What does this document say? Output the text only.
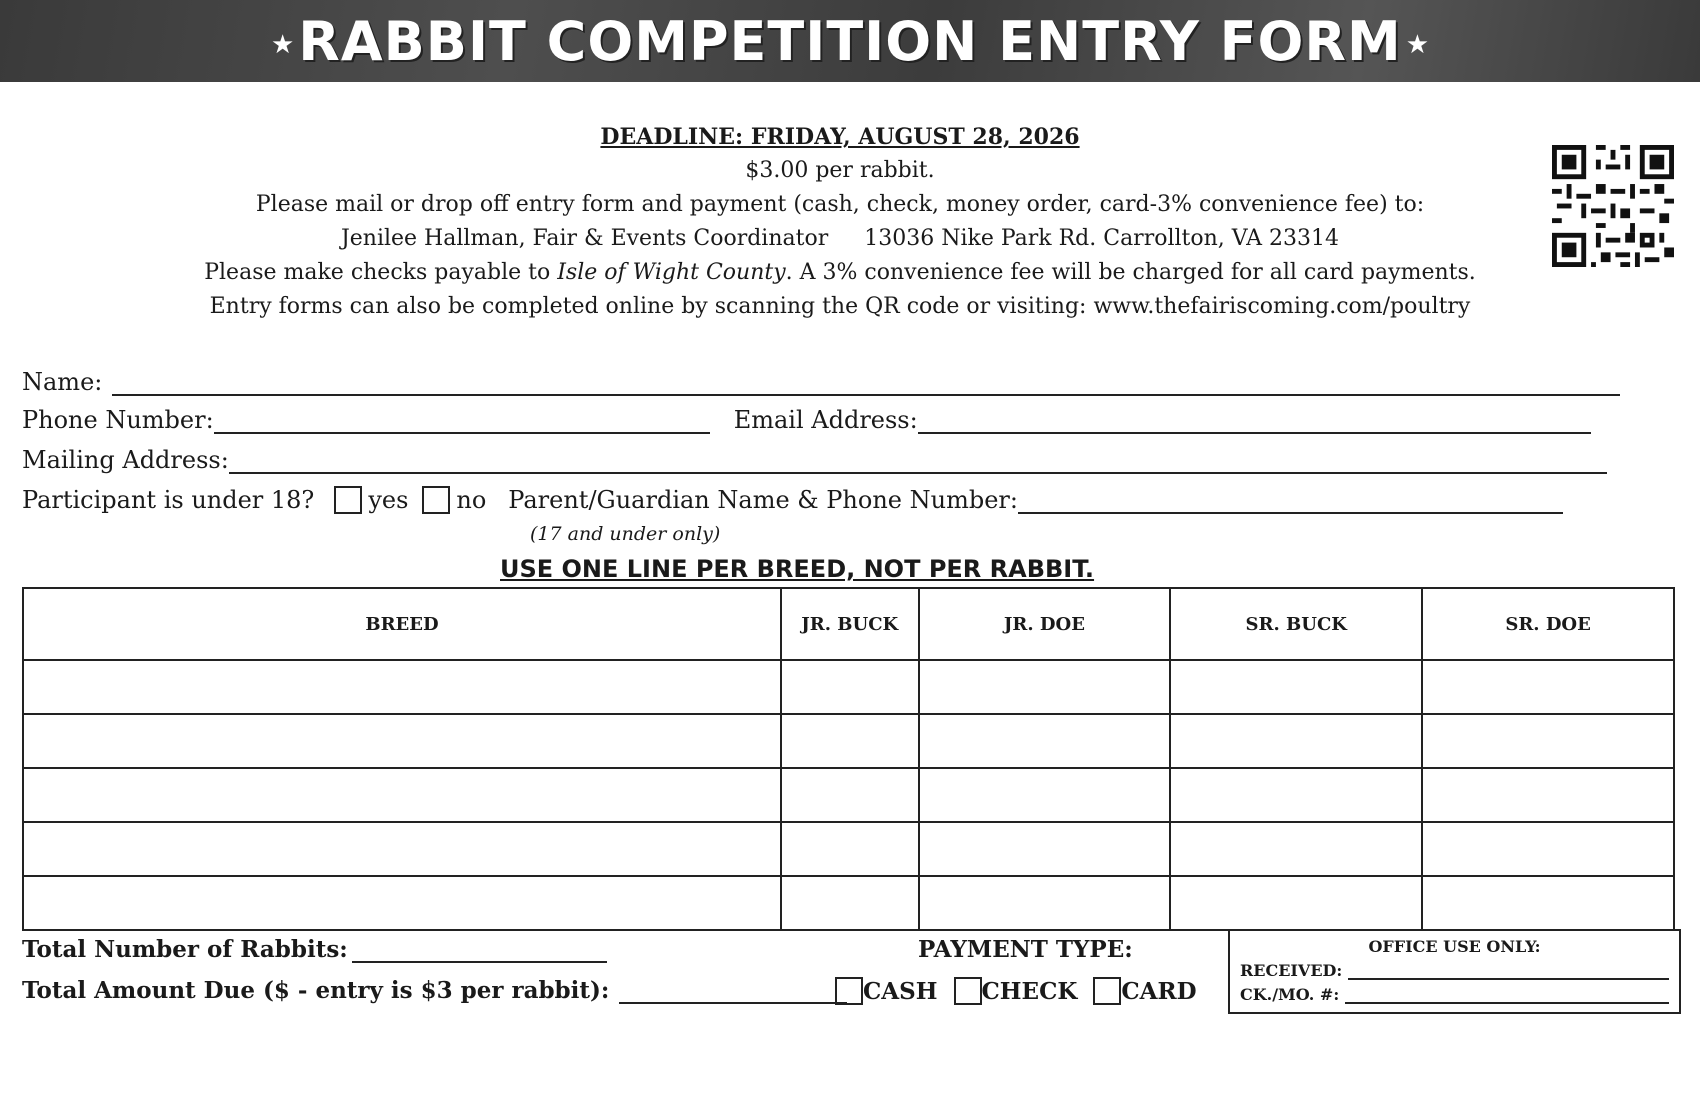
★ RABBIT COMPETITION ENTRY FORM ★
DEADLINE: FRIDAY, AUGUST 28, 2026
$3.00 per rabbit.
Please mail or drop off entry form and payment (cash, check, money order, card-3% convenience fee) to:
Jenilee Hallman, Fair & Events Coordinator 13036 Nike Park Rd. Carrollton, VA 23314
Please make checks payable to Isle of Wight County. A 3% convenience fee will be charged for all card payments.
Entry forms can also be completed online by scanning the QR code or visiting: www.thefairiscoming.com/poultry
Name:
Phone Number:	Email Address:
Mailing Address:
Participant is under 18? yes no Parent/Guardian Name & Phone Number:
(17 and under only)
USE ONE LINE PER BREED, NOT PER RABBIT.
BREED	JR. BUCK	JR. DOE	SR. BUCK	SR. DOE

Total Number of Rabbits:
Total Amount Due ($ - entry is $3 per rabbit):
PAYMENT TYPE:
CASH CHECK CARD
OFFICE USE ONLY:
RECEIVED:
CK./MO. #:
